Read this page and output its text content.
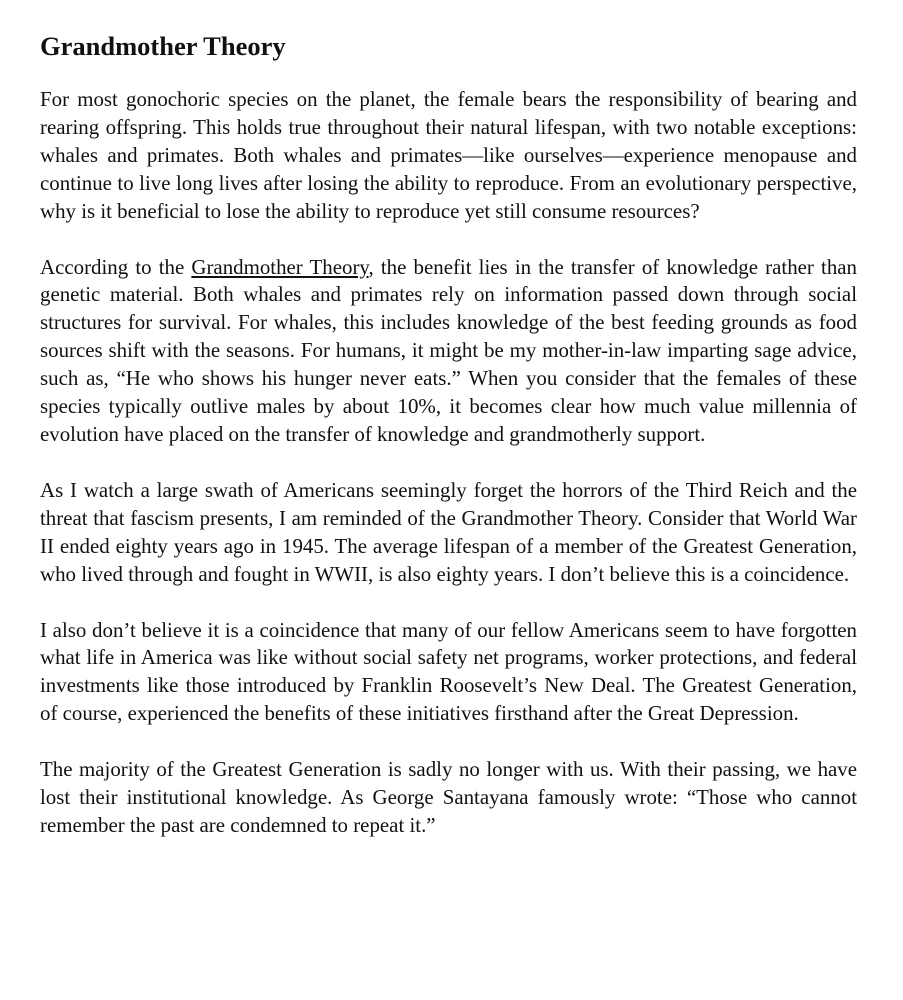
Grandmother Theory

For most gonochoric species on the planet, the female bears the responsibility of bearing and rearing offspring. This holds true throughout their natural lifespan, with two notable exceptions: whales and primates. Both whales and primates—like ourselves—experience menopause and continue to live long lives after losing the ability to reproduce. From an evolutionary perspective, why is it beneficial to lose the ability to reproduce yet still consume resources?

According to the Grandmother Theory, the benefit lies in the transfer of knowledge rather than genetic material. Both whales and primates rely on information passed down through social structures for survival. For whales, this includes knowledge of the best feeding grounds as food sources shift with the seasons. For humans, it might be my mother-in-law imparting sage advice, such as, “He who shows his hunger never eats.” When you consider that the females of these species typically outlive males by about 10%, it becomes clear how much value millennia of evolution have placed on the transfer of knowledge and grandmotherly support.

As I watch a large swath of Americans seemingly forget the horrors of the Third Reich and the threat that fascism presents, I am reminded of the Grandmother Theory. Consider that World War II ended eighty years ago in 1945. The average lifespan of a member of the Greatest Generation, who lived through and fought in WWII, is also eighty years. I don’t believe this is a coincidence.

I also don’t believe it is a coincidence that many of our fellow Americans seem to have forgotten what life in America was like without social safety net programs, worker protections, and federal investments like those introduced by Franklin Roosevelt’s New Deal. The Greatest Generation, of course, experienced the benefits of these initiatives firsthand after the Great Depression.

The majority of the Greatest Generation is sadly no longer with us. With their passing, we have lost their institutional knowledge. As George Santayana famously wrote: “Those who cannot remember the past are condemned to repeat it.”
